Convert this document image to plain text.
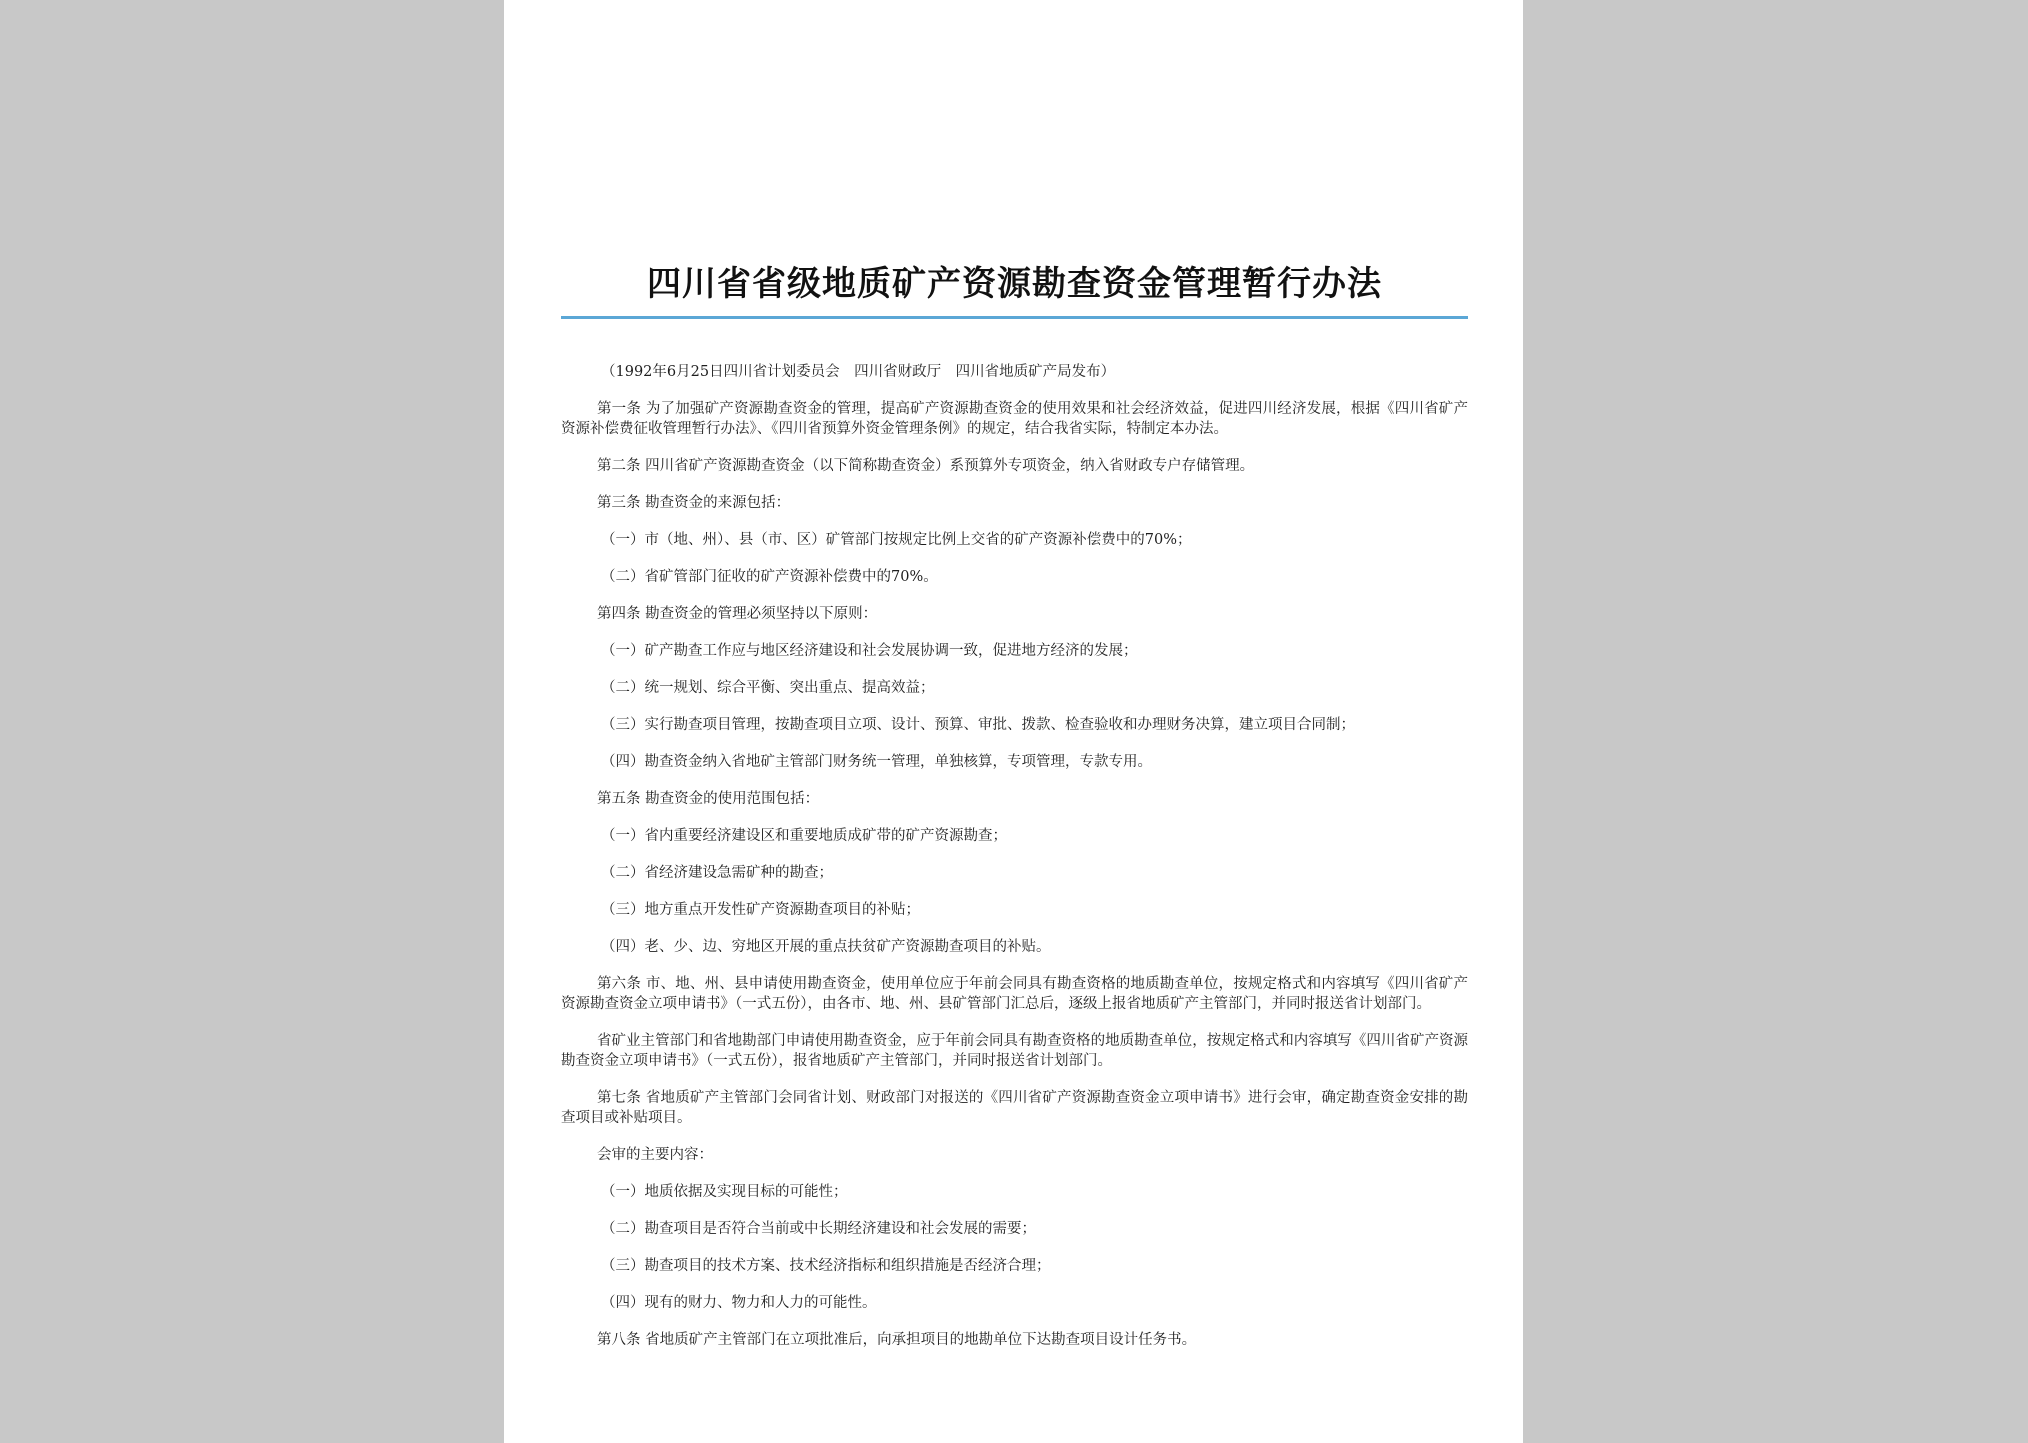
四川省省级地质矿产资源勘查资金管理暂行办法

（1992年6月25日四川省计划委员会　四川省财政厅　四川省地质矿产局发布）

第一条 为了加强矿产资源勘查资金的管理，提高矿产资源勘查资金的使用效果和社会经济效益，促进四川经济发展，根据《四川省矿产资源补偿费征收管理暂行办法》、《四川省预算外资金管理条例》的规定，结合我省实际，特制定本办法。

第二条 四川省矿产资源勘查资金（以下简称勘查资金）系预算外专项资金，纳入省财政专户存储管理。

第三条 勘查资金的来源包括：

（一）市（地、州）、县（市、区）矿管部门按规定比例上交省的矿产资源补偿费中的70%；

（二）省矿管部门征收的矿产资源补偿费中的70%。

第四条 勘查资金的管理必须坚持以下原则：

（一）矿产勘查工作应与地区经济建设和社会发展协调一致，促进地方经济的发展；

（二）统一规划、综合平衡、突出重点、提高效益；

（三）实行勘查项目管理，按勘查项目立项、设计、预算、审批、拨款、检查验收和办理财务决算，建立项目合同制；

（四）勘查资金纳入省地矿主管部门财务统一管理，单独核算，专项管理，专款专用。

第五条 勘查资金的使用范围包括：

（一）省内重要经济建设区和重要地质成矿带的矿产资源勘查；

（二）省经济建设急需矿种的勘查；

（三）地方重点开发性矿产资源勘查项目的补贴；

（四）老、少、边、穷地区开展的重点扶贫矿产资源勘查项目的补贴。

第六条 市、地、州、县申请使用勘查资金，使用单位应于年前会同具有勘查资格的地质勘查单位，按规定格式和内容填写《四川省矿产资源勘查资金立项申请书》（一式五份），由各市、地、州、县矿管部门汇总后，逐级上报省地质矿产主管部门，并同时报送省计划部门。

省矿业主管部门和省地勘部门申请使用勘查资金，应于年前会同具有勘查资格的地质勘查单位，按规定格式和内容填写《四川省矿产资源勘查资金立项申请书》（一式五份），报省地质矿产主管部门，并同时报送省计划部门。

第七条 省地质矿产主管部门会同省计划、财政部门对报送的《四川省矿产资源勘查资金立项申请书》进行会审，确定勘查资金安排的勘查项目或补贴项目。

会审的主要内容：

（一）地质依据及实现目标的可能性；

（二）勘查项目是否符合当前或中长期经济建设和社会发展的需要；

（三）勘查项目的技术方案、技术经济指标和组织措施是否经济合理；

（四）现有的财力、物力和人力的可能性。

第八条 省地质矿产主管部门在立项批准后，向承担项目的地勘单位下达勘查项目设计任务书。
